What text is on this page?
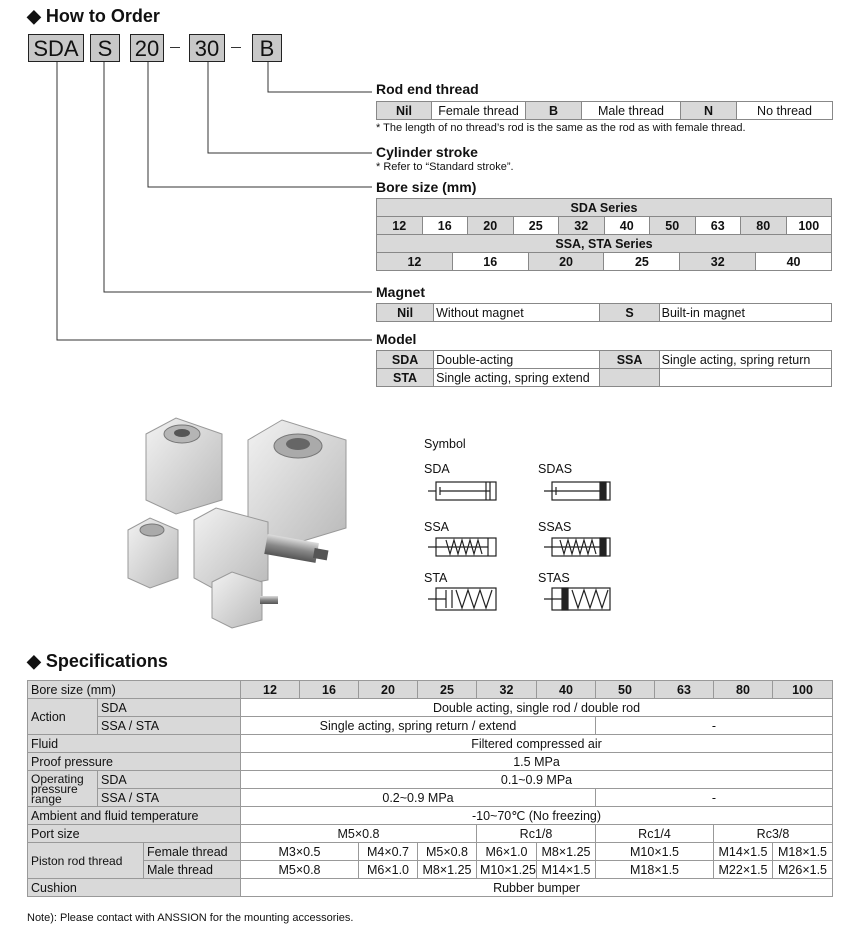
◆ How to Order
SDA S	20 30	B
Rod end thread
Nil	Female thread	B	Male thread	N	No thread
* The length of no thread’s rod is the same as the rod as with female thread.
Cylinder stroke
* Refer to “Standard stroke”.
Bore size (mm)
SDA Series
12	16	20	25	32	40	50	63	80	100
SSA, STA Series
12	16	20	25	32	40
Magnet
Nil	Without magnet	S	Built-in magnet
Model
SDA	Double-acting	SSA	Single acting, spring return
STA	Single acting, spring extend		
Symbol
SDA	SDAS
SSA	SSAS
STA	STAS
◆ Specifications
Bore size (mm)			12	16	20	25	32	40	50	63	80	100
Action	SDA		Double acting, single rod / double rod									
	SSA / STA		Single acting, spring return / extend						-			
Fluid			Filtered compressed air									
Proof pressure			1.5 MPa									
Operating pressure range	SDA		0.1~0.9 MPa									
	SSA / STA		0.2~0.9 MPa						-			
Ambient and fluid temperature			-10~70℃ (No freezing)									
Port size			M5×0.8				Rc1/8		Rc1/4		Rc3/8	
Piston rod thread		Female thread	M3×0.5		M4×0.7	M5×0.8	M6×1.0	M8×1.25	M10×1.5		M14×1.5	M18×1.5
		Male thread	M5×0.8		M6×1.0	M8×1.25	M10×1.25	M14×1.5	M18×1.5		M22×1.5	M26×1.5
Cushion			Rubber bumper									
Note): Please contact with ANSSION for the mounting accessories.
